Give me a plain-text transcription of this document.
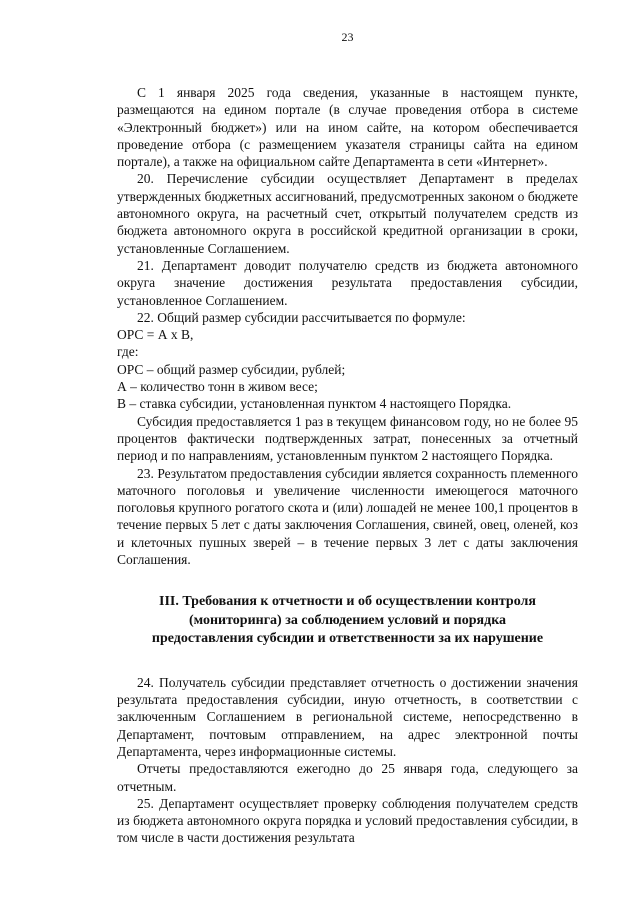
23

С 1 января 2025 года сведения, указанные в настоящем пункте, размещаются на едином портале (в случае проведения отбора в системе «Электронный бюджет») или на ином сайте, на котором обеспечивается проведение отбора (с размещением указателя страницы сайта на едином портале), а также на официальном сайте Департамента в сети «Интернет».

20. Перечисление субсидии осуществляет Департамент в пределах утвержденных бюджетных ассигнований, предусмотренных законом о бюджете автономного округа, на расчетный счет, открытый получателем средств из бюджета автономного округа в российской кредитной организации в сроки, установленные Соглашением.

21. Департамент доводит получателю средств из бюджета автономного округа значение достижения результата предоставления субсидии, установленное Соглашением.

22. Общий размер субсидии рассчитывается по формуле:

ОРС = А х В,

где:

ОРС – общий размер субсидии, рублей;

А – количество тонн в живом весе;

В – ставка субсидии, установленная пунктом 4 настоящего Порядка.

Субсидия предоставляется 1 раз в текущем финансовом году, но не более 95 процентов фактически подтвержденных затрат, понесенных за отчетный период и по направлениям, установленным пунктом 2 настоящего Порядка.

23. Результатом предоставления субсидии является сохранность племенного маточного поголовья и увеличение численности имеющегося маточного поголовья крупного рогатого скота и (или) лошадей не менее 100,1 процентов в течение первых 5 лет с даты заключения Соглашения, свиней, овец, оленей, коз и клеточных пушных зверей – в течение первых 3 лет с даты заключения Соглашения.

III. Требования к отчетности и об осуществлении контроля
(мониторинга) за соблюдением условий и порядка
предоставления субсидии и ответственности за их нарушение

24. Получатель субсидии представляет отчетность о достижении значения результата предоставления субсидии, иную отчетность, в соответствии с заключенным Соглашением в региональной системе, непосредственно в Департамент, почтовым отправлением, на адрес электронной почты Департамента, через информационные системы.

Отчеты предоставляются ежегодно до 25 января года, следующего за отчетным.

25. Департамент осуществляет проверку соблюдения получателем средств из бюджета автономного округа порядка и условий предоставления субсидии, в том числе в части достижения результата
